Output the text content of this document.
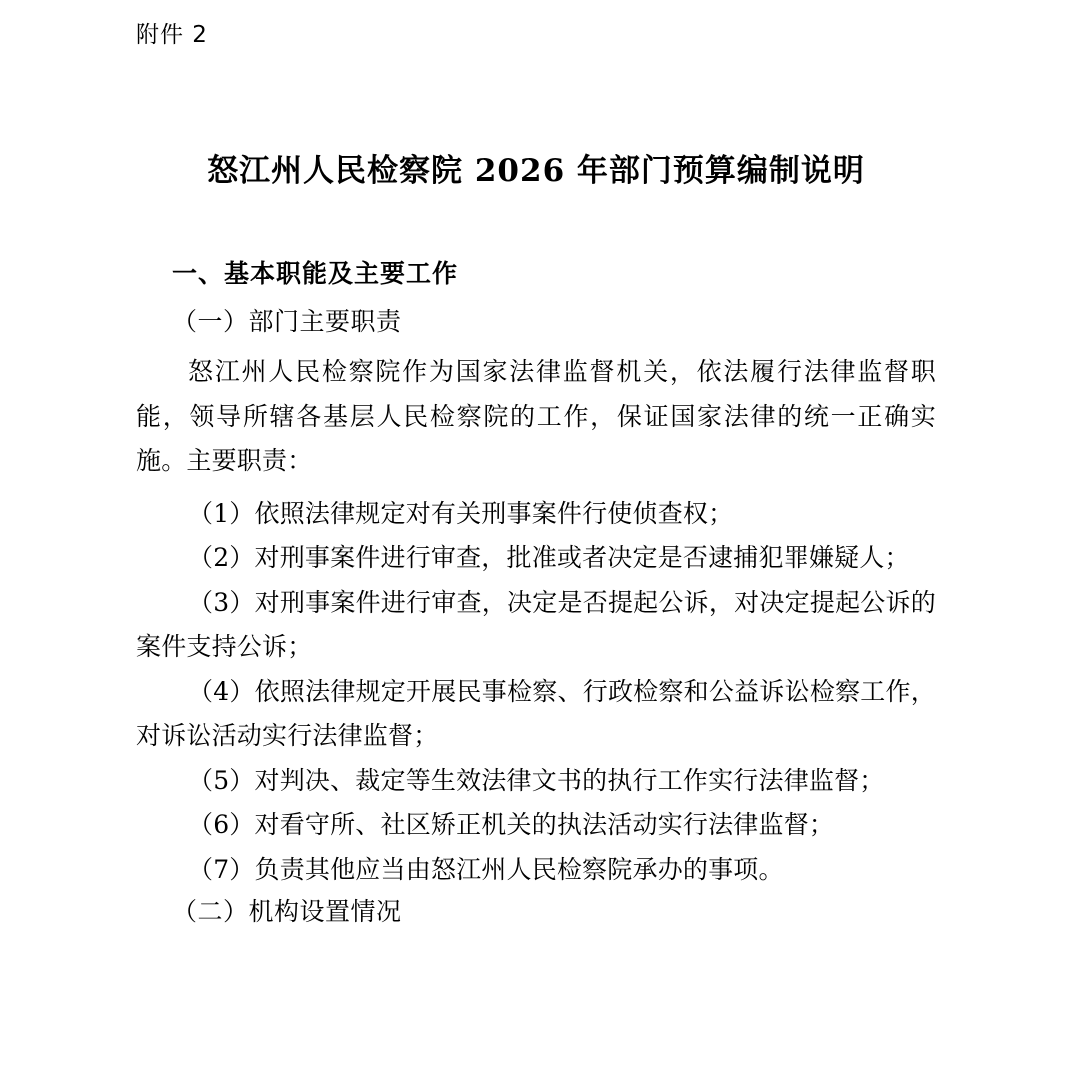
附件 2
怒江州人民检察院 2026 年部门预算编制说明
一、基本职能及主要工作
（一）部门主要职责

怒江州人民检察院作为国家法律监督机关，依法履行法律监督职能，领导所辖各基层人民检察院的工作，保证国家法律的统一正确实施。主要职责：

（1）依照法律规定对有关刑事案件行使侦查权；

（2）对刑事案件进行审查，批准或者决定是否逮捕犯罪嫌疑人；

（3）对刑事案件进行审查，决定是否提起公诉，对决定提起公诉的案件支持公诉；

（4）依照法律规定开展民事检察、行政检察和公益诉讼检察工作，对诉讼活动实行法律监督；

（5）对判决、裁定等生效法律文书的执行工作实行法律监督；

（6）对看守所、社区矫正机关的执法活动实行法律监督；

（7）负责其他应当由怒江州人民检察院承办的事项。

（二）机构设置情况
